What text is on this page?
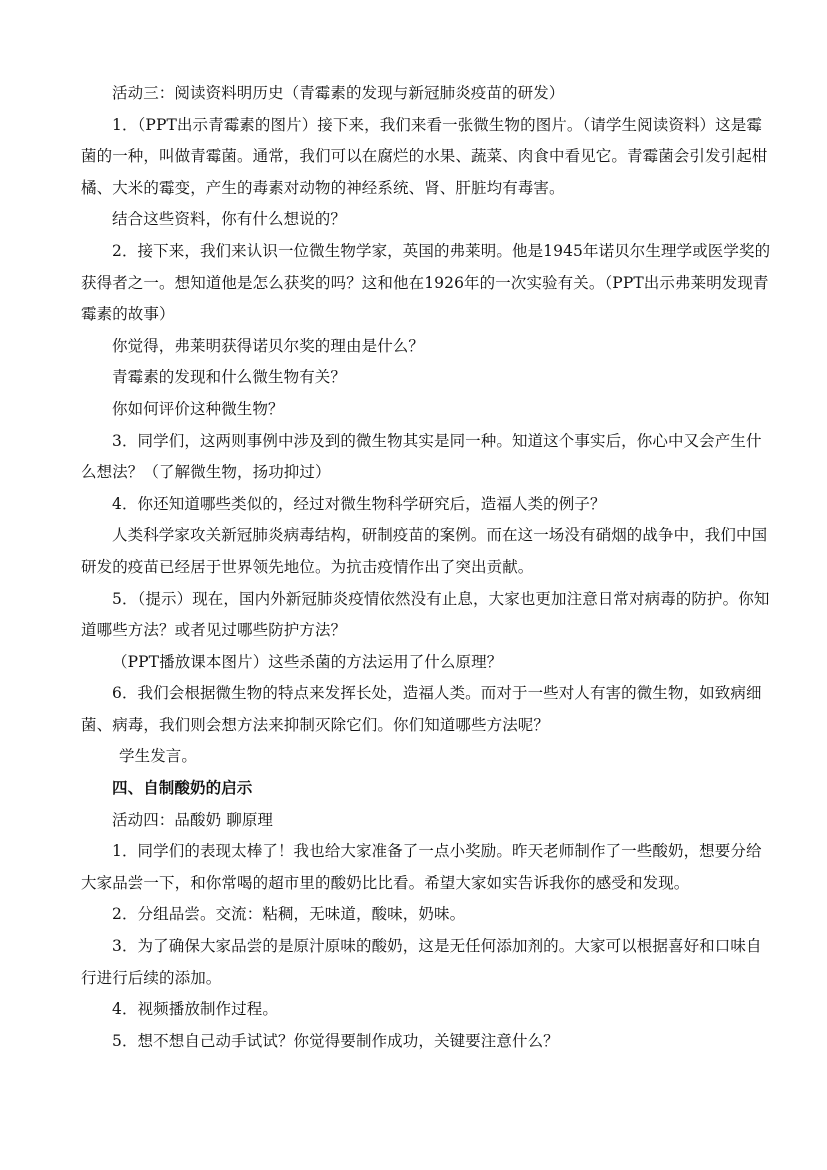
活动三：阅读资料明历史（青霉素的发现与新冠肺炎疫苗的研发）

1．（PPT出示青霉素的图片）接下来，我们来看一张微生物的图片。（请学生阅读资料）这是霉菌的一种，叫做青霉菌。通常，我们可以在腐烂的水果、蔬菜、肉食中看见它。青霉菌会引发引起柑橘、大米的霉变，产生的毒素对动物的神经系统、肾、肝脏均有毒害。

结合这些资料，你有什么想说的？

2．接下来，我们来认识一位微生物学家，英国的弗莱明。他是1945年诺贝尔生理学或医学奖的获得者之一。想知道他是怎么获奖的吗？这和他在1926年的一次实验有关。（PPT出示弗莱明发现青霉素的故事）

你觉得，弗莱明获得诺贝尔奖的理由是什么？

青霉素的发现和什么微生物有关？

你如何评价这种微生物？

3．同学们，这两则事例中涉及到的微生物其实是同一种。知道这个事实后，你心中又会产生什么想法？（了解微生物，扬功抑过）

4．你还知道哪些类似的，经过对微生物科学研究后，造福人类的例子？

人类科学家攻关新冠肺炎病毒结构，研制疫苗的案例。而在这一场没有硝烟的战争中，我们中国研发的疫苗已经居于世界领先地位。为抗击疫情作出了突出贡献。

5．（提示）现在，国内外新冠肺炎疫情依然没有止息，大家也更加注意日常对病毒的防护。你知道哪些方法？或者见过哪些防护方法？

（PPT播放课本图片）这些杀菌的方法运用了什么原理？

6．我们会根据微生物的特点来发挥长处，造福人类。而对于一些对人有害的微生物，如致病细菌、病毒，我们则会想方法来抑制灭除它们。你们知道哪些方法呢？

学生发言。

四、自制酸奶的启示

活动四：品酸奶 聊原理

1．同学们的表现太棒了！我也给大家准备了一点小奖励。昨天老师制作了一些酸奶，想要分给大家品尝一下，和你常喝的超市里的酸奶比比看。希望大家如实告诉我你的感受和发现。

2．分组品尝。交流：粘稠，无味道，酸味，奶味。

3．为了确保大家品尝的是原汁原味的酸奶，这是无任何添加剂的。大家可以根据喜好和口味自行进行后续的添加。

4．视频播放制作过程。

5．想不想自己动手试试？你觉得要制作成功，关键要注意什么？
